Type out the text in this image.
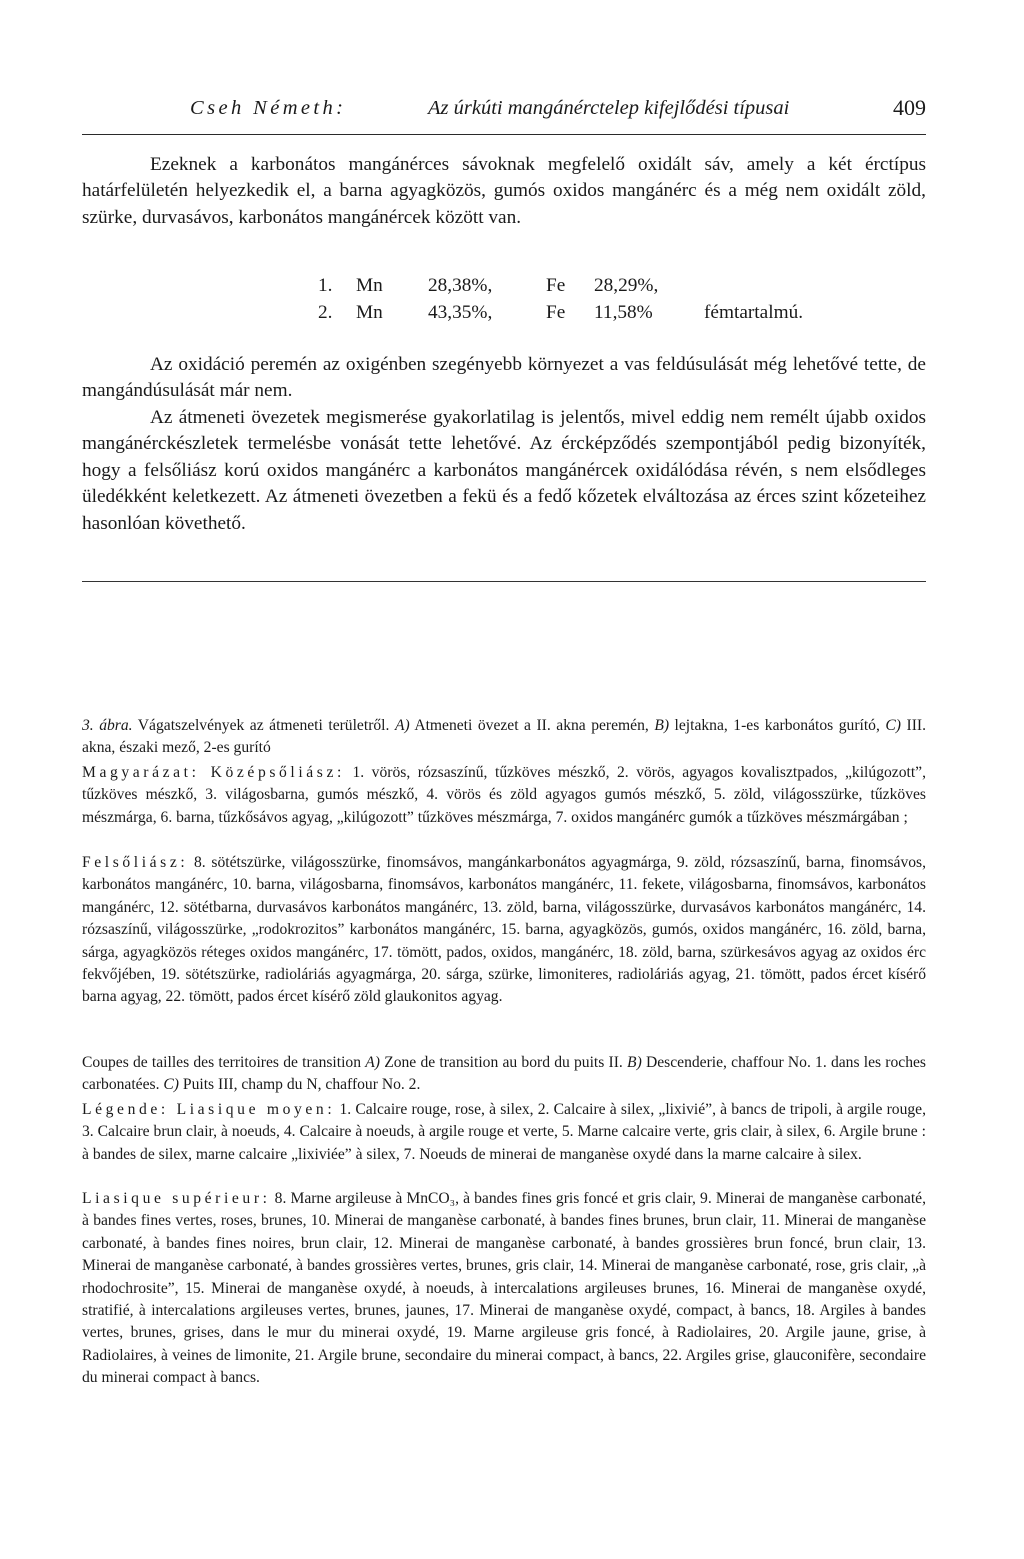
Cseh Németh:	Az úrkúti mangánérctelep kifejlődési típusai	409

Ezeknek a karbonátos mangánérces sávoknak megfelelő oxidált sáv, amely a két érctípus határfelületén helyezkedik el, a barna agyagközös, gumós oxidos mangánérc és a még nem oxidált zöld, szürke, durvasávos, karbonátos mangánércek között van.

1. Mn 28,38%,	Fe 28,29%,
2. Mn 43,35%,	Fe 11,58%	fémtartalmú.

Az oxidáció peremén az oxigénben szegényebb környezet a vas feldúsulását még lehetővé tette, de mangándúsulását már nem.

Az átmeneti övezetek megismerése gyakorlatilag is jelentős, mivel eddig nem remélt újabb oxidos mangánérckészletek termelésbe vonását tette lehetővé. Az ércképződés szempontjából pedig bizonyíték, hogy a felsőliász korú oxidos mangánérc a karbonátos mangánércek oxidálódása révén, s nem elsődleges üledékként keletkezett. Az átmeneti övezetben a fekü és a fedő kőzetek elváltozása az érces szint kőzeteihez hasonlóan követhető.

3. ábra. Vágatszelvények az átmeneti területről. A) Atmeneti övezet a II. akna peremén, B) lejtakna, 1-es karbonátos gurító, C) III. akna, északi mező, 2-es gurító

Magyarázat: Középsőliász: 1. vörös, rózsaszínű, tűzköves mészkő, 2. vörös, agyagos kovalisztpados, „kilúgozott”, tűzköves mészkő, 3. világosbarna, gumós mészkő, 4. vörös és zöld agyagos gumós mészkő, 5. zöld, világosszürke, tűzköves mészmárga, 6. barna, tűzkősávos agyag, „kilúgozott” tűzköves mészmárga, 7. oxidos mangánérc gumók a tűzköves mészmárgában ;

Felsőliász: 8. sötétszürke, világosszürke, finomsávos, mangánkarbonátos agyagmárga, 9. zöld, rózsaszínű, barna, finomsávos, karbonátos mangánérc, 10. barna, világosbarna, finomsávos, karbonátos mangánérc, 11. fekete, világosbarna, finomsávos, karbonátos mangánérc, 12. sötétbarna, durvasávos karbonátos mangánérc, 13. zöld, barna, világosszürke, durvasávos karbonátos mangánérc, 14. rózsaszínű, világosszürke, „rodokrozitos” karbonátos mangánérc, 15. barna, agyagközös, gumós, oxidos mangánérc, 16. zöld, barna, sárga, agyagközös réteges oxidos mangánérc, 17. tömött, pados, oxidos, mangánérc, 18. zöld, barna, szürkesávos agyag az oxidos érc fekvőjében, 19. sötétszürke, radioláriás agyagmárga, 20. sárga, szürke, limoniteres, radioláriás agyag, 21. tömött, pados ércet kísérő barna agyag, 22. tömött, pados ércet kísérő zöld glaukonitos agyag.

Coupes de tailles des territoires de transition A) Zone de transition au bord du puits II. B) Descenderie, chaffour No. 1. dans les roches carbonatées. C) Puits III, champ du N, chaffour No. 2.

Légende: Liasique moyen: 1. Calcaire rouge, rose, à silex, 2. Calcaire à silex, „lixivié”, à bancs de tripoli, à argile rouge, 3. Calcaire brun clair, à noeuds, 4. Calcaire à noeuds, à argile rouge et verte, 5. Marne calcaire verte, gris clair, à silex, 6. Argile brune : à bandes de silex, marne calcaire „lixiviée” à silex, 7. Noeuds de minerai de manganèse oxydé dans la marne calcaire à silex.

Liasique supérieur: 8. Marne argileuse à MnCO₃, à bandes fines gris foncé et gris clair, 9. Minerai de manganèse carbonaté, à bandes fines vertes, roses, brunes, 10. Minerai de manganèse carbonaté, à bandes fines brunes, brun clair, 11. Minerai de manganèse carbonaté, à bandes fines noires, brun clair, 12. Minerai de manganèse carbonaté, à bandes grossières brun foncé, brun clair, 13. Minerai de manganèse carbonaté, à bandes grossières vertes, brunes, gris clair, 14. Minerai de manganèse carbonaté, rose, gris clair, „à rhodochrosite”, 15. Minerai de manganèse oxydé, à noeuds, à intercalations argileuses brunes, 16. Minerai de manganèse oxydé, stratifié, à intercalations argileuses vertes, brunes, jaunes, 17. Minerai de manganèse oxydé, compact, à bancs, 18. Argiles à bandes vertes, brunes, grises, dans le mur du minerai oxydé, 19. Marne argileuse gris foncé, à Radiolaires, 20. Argile jaune, grise, à Radiolaires, à veines de limonite, 21. Argile brune, secondaire du minerai compact, à bancs, 22. Argiles grise, glauconifère, secondaire du minerai compact à bancs.
